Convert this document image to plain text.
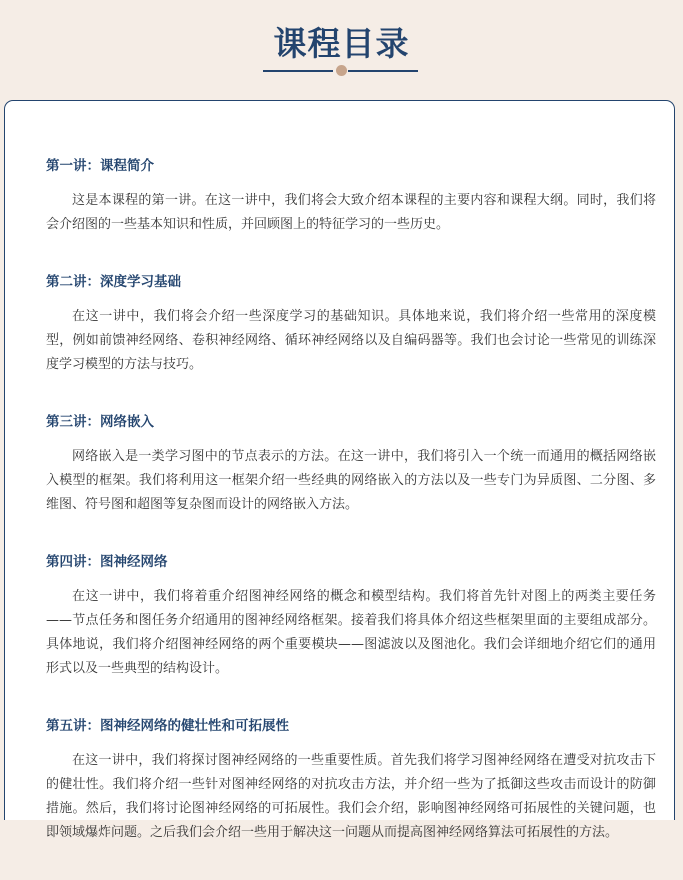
课程目录
第一讲：课程简介

这是本课程的第一讲。在这一讲中，我们将会大致介绍本课程的主要内容和课程大纲。同时，我们将会介绍图的一些基本知识和性质，并回顾图上的特征学习的一些历史。

第二讲：深度学习基础

在这一讲中，我们将会介绍一些深度学习的基础知识。具体地来说，我们将介绍一些常用的深度模型，例如前馈神经网络、卷积神经网络、循环神经网络以及自编码器等。我们也会讨论一些常见的训练深度学习模型的方法与技巧。

第三讲：网络嵌入

网络嵌入是一类学习图中的节点表示的方法。在这一讲中，我们将引入一个统一而通用的概括网络嵌入模型的框架。我们将利用这一框架介绍一些经典的网络嵌入的方法以及一些专门为异质图、二分图、多维图、符号图和超图等复杂图而设计的网络嵌入方法。

第四讲：图神经网络

在这一讲中，我们将着重介绍图神经网络的概念和模型结构。我们将首先针对图上的两类主要任务——节点任务和图任务介绍通用的图神经网络框架。接着我们将具体介绍这些框架里面的主要组成部分。具体地说，我们将介绍图神经网络的两个重要模块——图滤波以及图池化。我们会详细地介绍它们的通用形式以及一些典型的结构设计。

第五讲：图神经网络的健壮性和可拓展性

在这一讲中，我们将探讨图神经网络的一些重要性质。首先我们将学习图神经网络在遭受对抗攻击下的健壮性。我们将介绍一些针对图神经网络的对抗攻击方法，并介绍一些为了抵御这些攻击而设计的防御措施。然后，我们将讨论图神经网络的可拓展性。我们会介绍，影响图神经网络可拓展性的关键问题，也即领域爆炸问题。之后我们会介绍一些用于解决这一问题从而提高图神经网络算法可拓展性的方法。
